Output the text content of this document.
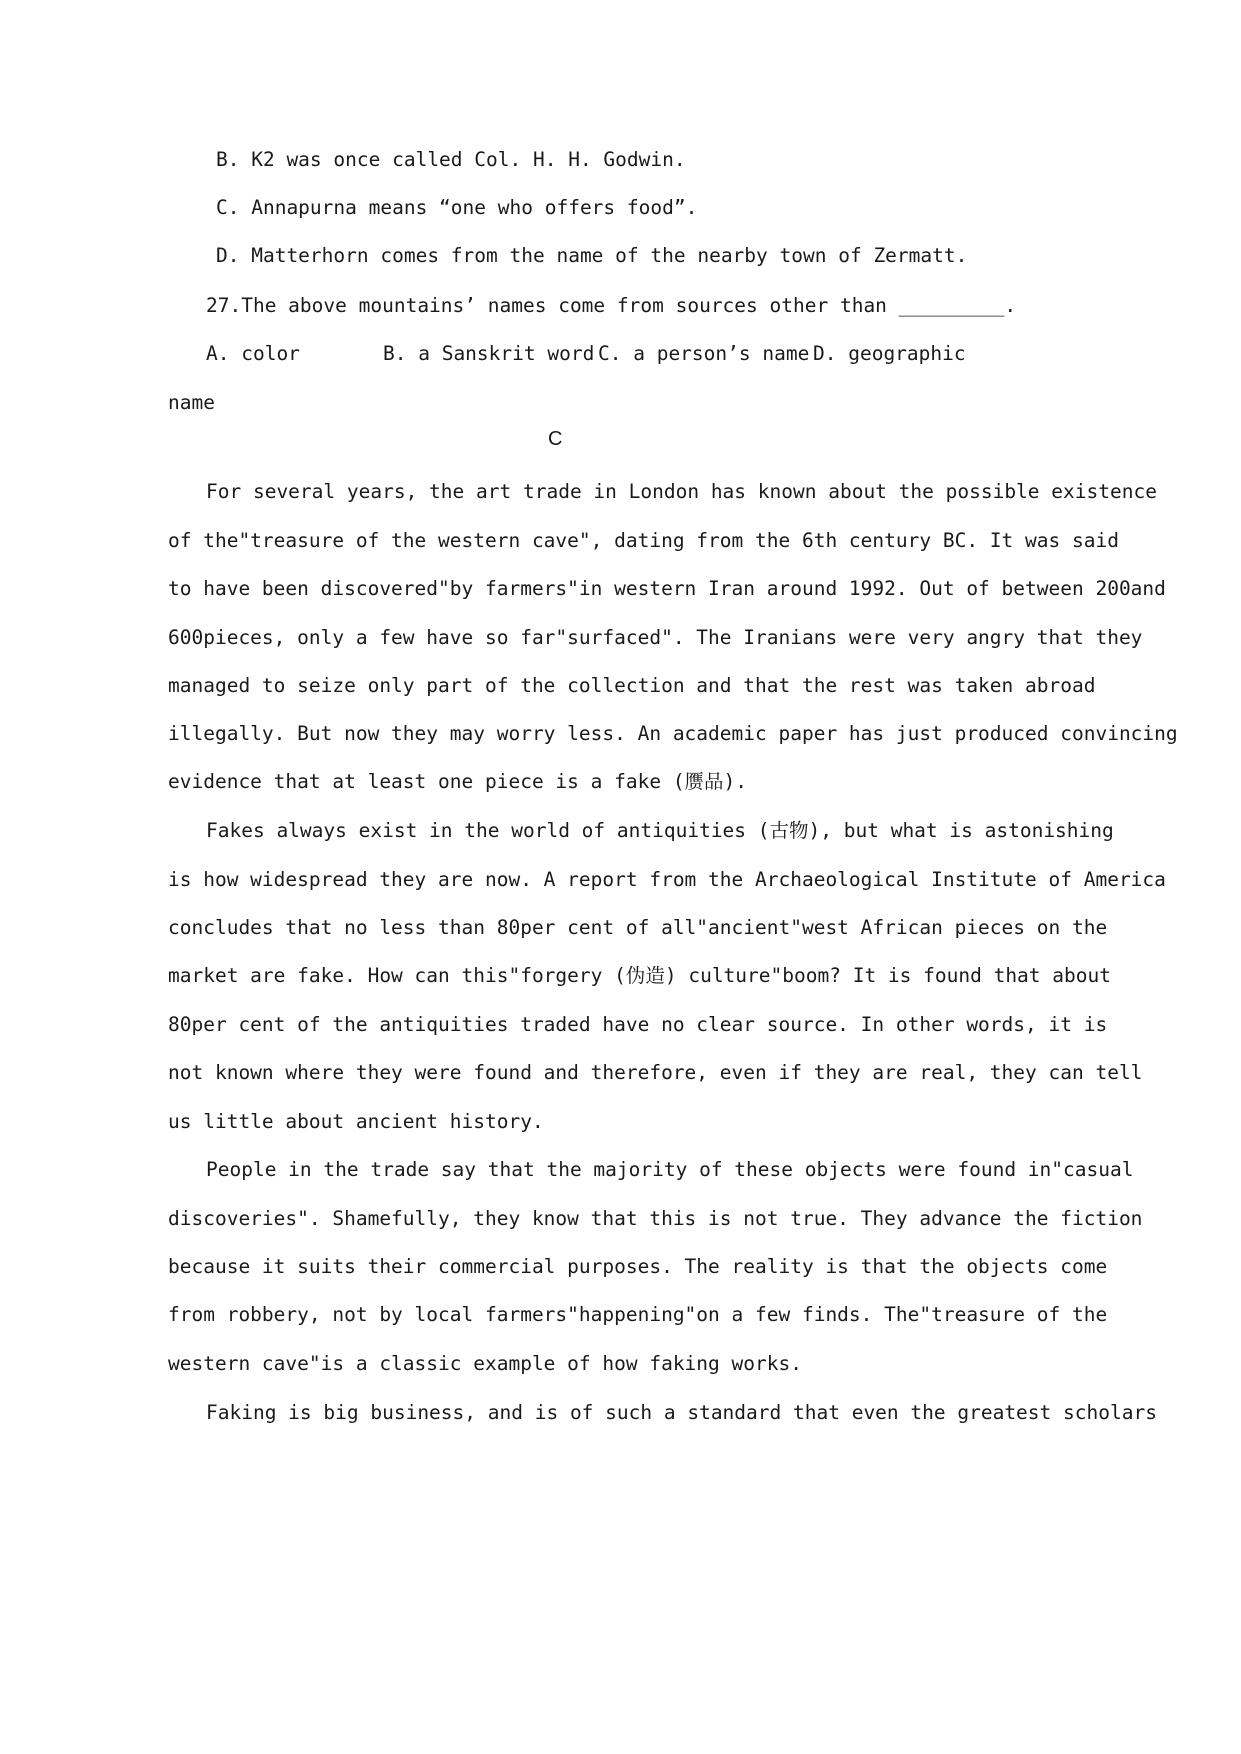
B. K2 was once called Col. H. H. Godwin.
C. Annapurna means “one who offers food”.
D. Matterhorn comes from the name of the nearby town of Zermatt.
27.The above mountains’ names come from sources other than _________.
A. color	B. a Sanskrit word C. a person’s name D. geographic
name
C
For several years, the art trade in London has known about the possible existence
of the"treasure of the western cave", dating from the 6th century BC. It was said
to have been discovered"by farmers"in western Iran around 1992. Out of between 200and
600pieces, only a few have so far"surfaced". The Iranians were very angry that they
managed to seize only part of the collection and that the rest was taken abroad
illegally. But now they may worry less. An academic paper has just produced convincing
evidence that at least one piece is a fake (赝品).
Fakes always exist in the world of antiquities (古物), but what is astonishing
is how widespread they are now. A report from the Archaeological Institute of America
concludes that no less than 80per cent of all"ancient"west African pieces on the
market are fake. How can this"forgery (伪造) culture"boom? It is found that about
80per cent of the antiquities traded have no clear source. In other words, it is
not known where they were found and therefore, even if they are real, they can tell
us little about ancient history.
People in the trade say that the majority of these objects were found in"casual
discoveries". Shamefully, they know that this is not true. They advance the fiction
because it suits their commercial purposes. The reality is that the objects come
from robbery, not by local farmers"happening"on a few finds. The"treasure of the
western cave"is a classic example of how faking works.
Faking is big business, and is of such a standard that even the greatest scholars
